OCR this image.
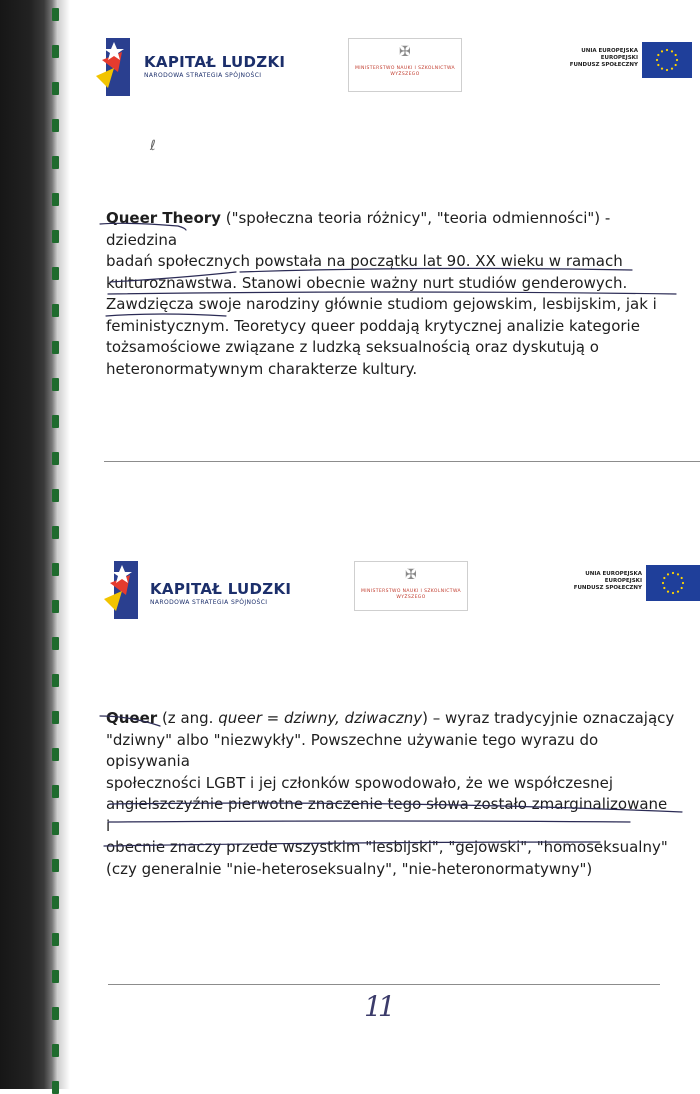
KAPITAŁ LUDZKI
NARODOWA STRATEGIA SPÓJNOŚCI
✠
MINISTERSTWO NAUKI I SZKOLNICTWA WYŻSZEGO
UNIA EUROPEJSKA
EUROPEJSKI
FUNDUSZ SPOŁECZNY
ℓ
Queer Theory ("społeczna teoria różnicy", "teoria odmienności") - dziedzina
badań społecznych powstała na początku lat 90. XX wieku w ramach
kulturoznawstwa. Stanowi obecnie ważny nurt studiów genderowych.
Zawdzięcza swoje narodziny głównie studiom gejowskim, lesbijskim, jak i
feministycznym. Teoretycy queer poddają krytycznej analizie kategorie
tożsamościowe związane z ludzką seksualnością oraz dyskutują o
heteronormatywnym charakterze kultury.
KAPITAŁ LUDZKI
NARODOWA STRATEGIA SPÓJNOŚCI
✠
MINISTERSTWO NAUKI I SZKOLNICTWA WYŻSZEGO
UNIA EUROPEJSKA
EUROPEJSKI
FUNDUSZ SPOŁECZNY
Queer (z ang. queer = dziwny, dziwaczny) – wyraz tradycyjnie oznaczający
"dziwny" albo "niezwykły". Powszechne używanie tego wyrazu do opisywania
społeczności LGBT i jej członków spowodowało, że we współczesnej
angielszczyźnie pierwotne znaczenie tego słowa zostało zmarginalizowane i
obecnie znaczy przede wszystkim "lesbijski", "gejowski", "homoseksualny"
(czy generalnie "nie-heteroseksualny", "nie-heteronormatywny")
11
